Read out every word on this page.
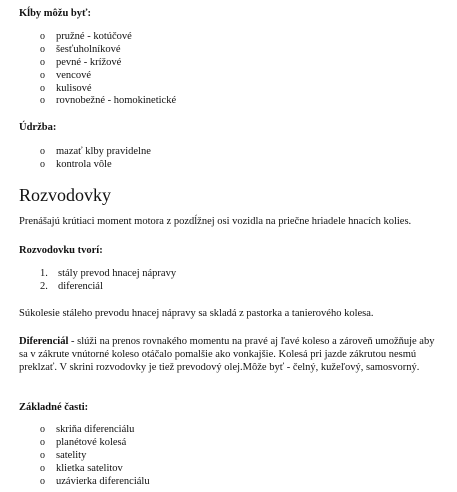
Kĺby môžu byť:
o pružné - kotúčové
o šesťuholníkové
o pevné - krížové
o vencové
o kulisové
o rovnobežné - homokinetické
Údržba:
o mazať klby pravidelne
o kontrola vôle
Rozvodovky
Prenášajú krútiaci moment motora z pozdĺžnej osi vozidla na priečne hriadele hnacích kolies.
Rozvodovku tvorí:
1. stály prevod hnacej nápravy
2. diferenciál
Súkolesie stáleho prevodu hnacej nápravy sa skladá z pastorka a tanierového kolesa.
Diferenciál - slúži na prenos rovnakého momentu na pravé aj ľavé koleso a zároveň umožňuje aby sa v zákrute vnútorné koleso otáčalo pomalšie ako vonkajšie. Kolesá pri jazde zákrutou nesmú preklzať. V skrini rozvodovky je tiež prevodový olej.Môže byť - čelný, kužeľový, samosvorný.
Základné časti:
o skriňa diferenciálu
o planétové kolesá
o satelity
o klietka satelitov
o uzávierka diferenciálu
